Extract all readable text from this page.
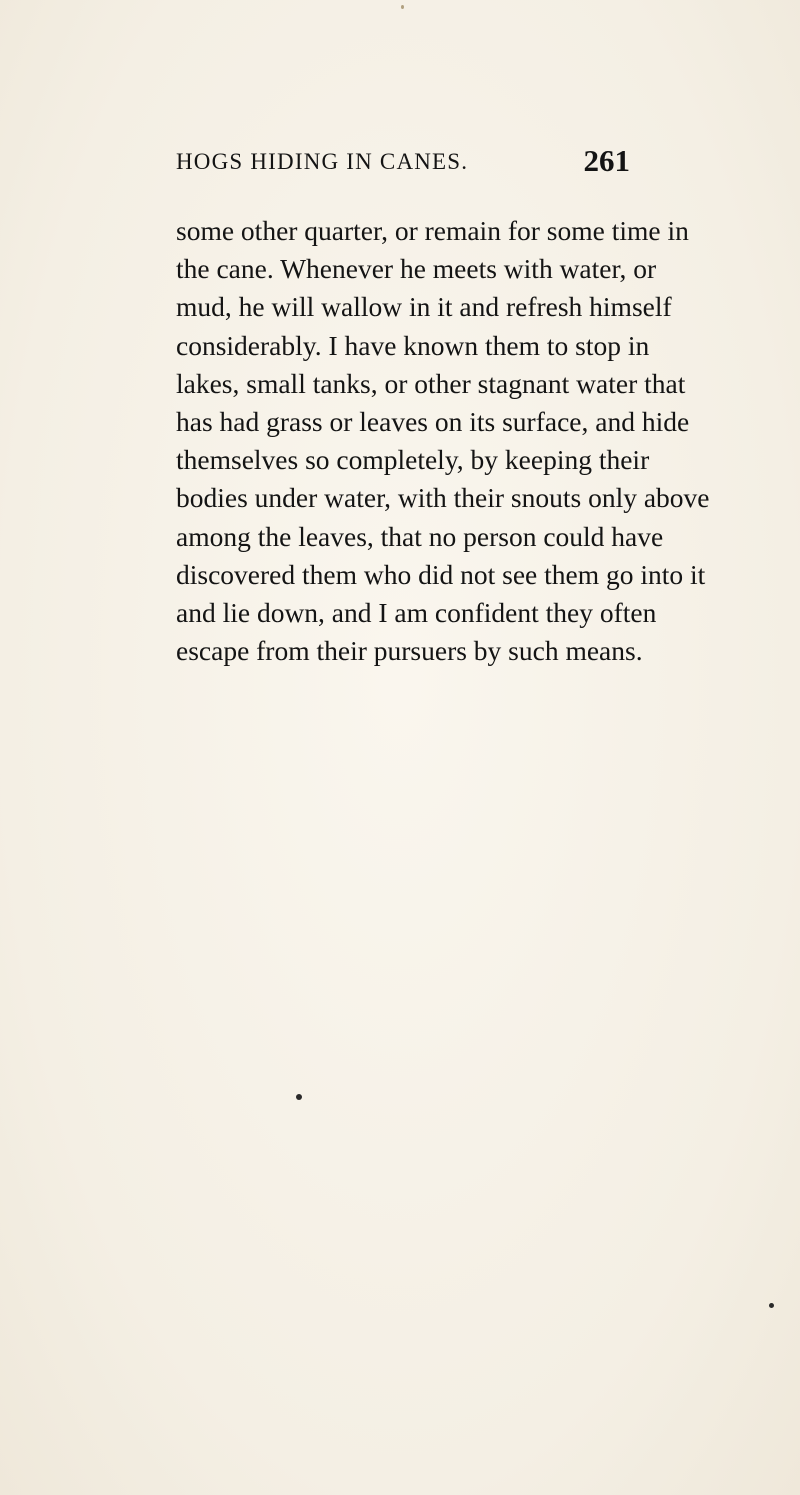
HOGS HIDING IN CANES.	261
some other quarter, or remain for some time in
the cane. Whenever he meets with water, or
mud, he will wallow in it and refresh himself
considerably. I have known them to stop in
lakes, small tanks, or other stagnant water that
has had grass or leaves on its surface, and hide
themselves so completely, by keeping their
bodies under water, with their snouts only above
among the leaves, that no person could have
discovered them who did not see them go into it
and lie down, and I am confident they often
escape from their pursuers by such means.
